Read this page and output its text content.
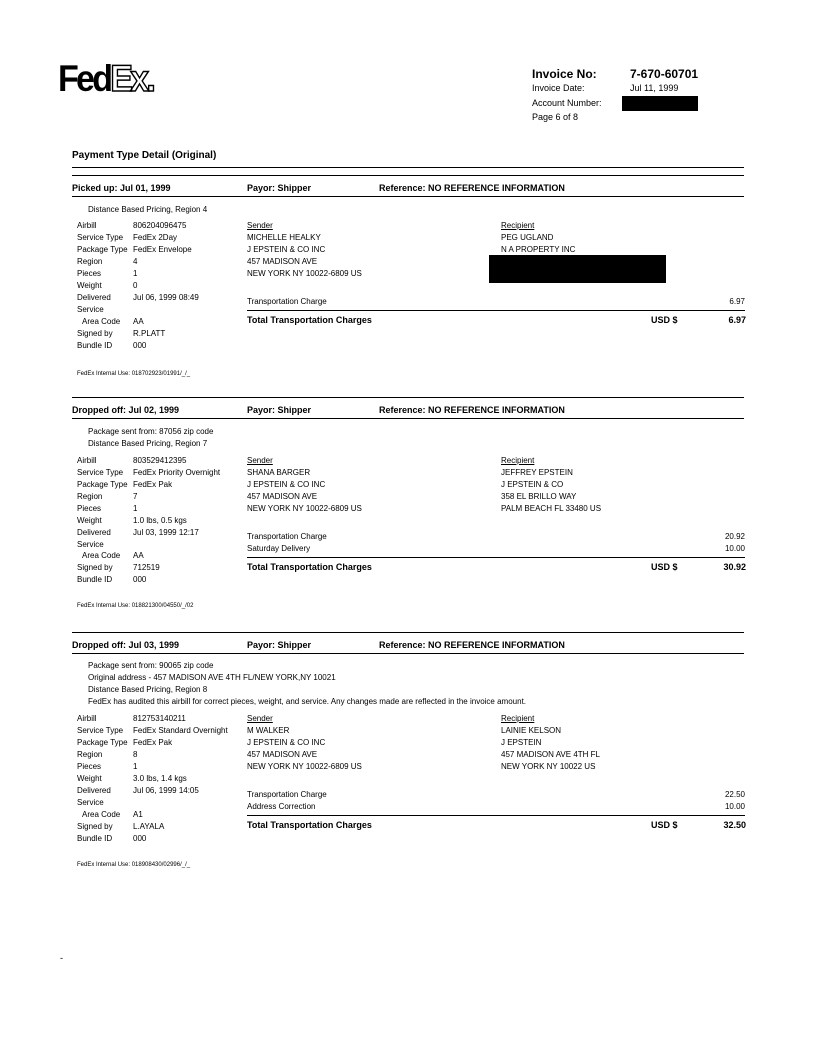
FedEx.	Invoice No:	7-670-60701
Invoice Date:	Jul 11, 1999
Account Number:
Page 6 of 8
Payment Type Detail (Original)
Picked up: Jul 01, 1999	Payor: Shipper	Reference: NO REFERENCE INFORMATION
Distance Based Pricing, Region 4
Airbill	806204096475
Service Type FedEx 2Day
Package Type FedEx Envelope
Region	4
Pieces	1
Weight	0
Delivered	Jul 06, 1999 08:49
Service
Area Code AA
Signed by	R.PLATT
Bundle ID	000
Sender
MICHELLE HEALKY
J EPSTEIN & CO INC
457 MADISON AVE
NEW YORK NY 10022-6809 US
Recipient
PEG UGLAND
N A PROPERTY INC
Transportation Charge	6.97
Total Transportation Charges	USD $	6.97
FedEx Internal Use: 018702923/01991/_/_
Dropped off: Jul 02, 1999	Payor: Shipper	Reference: NO REFERENCE INFORMATION
Package sent from: 87056 zip code
Distance Based Pricing, Region 7
Airbill	803529412395
Service Type FedEx Priority Overnight
Package Type FedEx Pak
Region	7
Pieces	1
Weight	1.0 lbs, 0.5 kgs
Delivered	Jul 03, 1999 12:17
Service
Area Code AA
Signed by	712519
Bundle ID	000
Sender
SHANA BARGER
J EPSTEIN & CO INC
457 MADISON AVE
NEW YORK NY 10022-6809 US
Recipient
JEFFREY EPSTEIN
J EPSTEIN & CO
358 EL BRILLO WAY
PALM BEACH FL 33480 US
Transportation Charge	20.92
Saturday Delivery	10.00
Total Transportation Charges	USD $	30.92
FedEx Internal Use: 018821300/04550/_/02
Dropped off: Jul 03, 1999	Payor: Shipper	Reference: NO REFERENCE INFORMATION
Package sent from: 90065 zip code
Original address - 457 MADISON AVE 4TH FL/NEW YORK,NY 10021
Distance Based Pricing, Region 8
FedEx has audited this airbill for correct pieces, weight, and service. Any changes made are reflected in the invoice amount.
Airbill	812753140211
Service Type FedEx Standard Overnight
Package Type FedEx Pak
Region	8
Pieces	1
Weight	3.0 lbs, 1.4 kgs
Delivered	Jul 06, 1999 14:05
Service
Area Code A1
Signed by	L.AYALA
Bundle ID	000
Sender
M WALKER
J EPSTEIN & CO INC
457 MADISON AVE
NEW YORK NY 10022-6809 US
Recipient
LAINIE KELSON
J EPSTEIN
457 MADISON AVE 4TH FL
NEW YORK NY 10022 US
Transportation Charge	22.50
Address Correction	10.00
Total Transportation Charges	USD $	32.50
FedEx Internal Use: 018908430/02996/_/_
-
